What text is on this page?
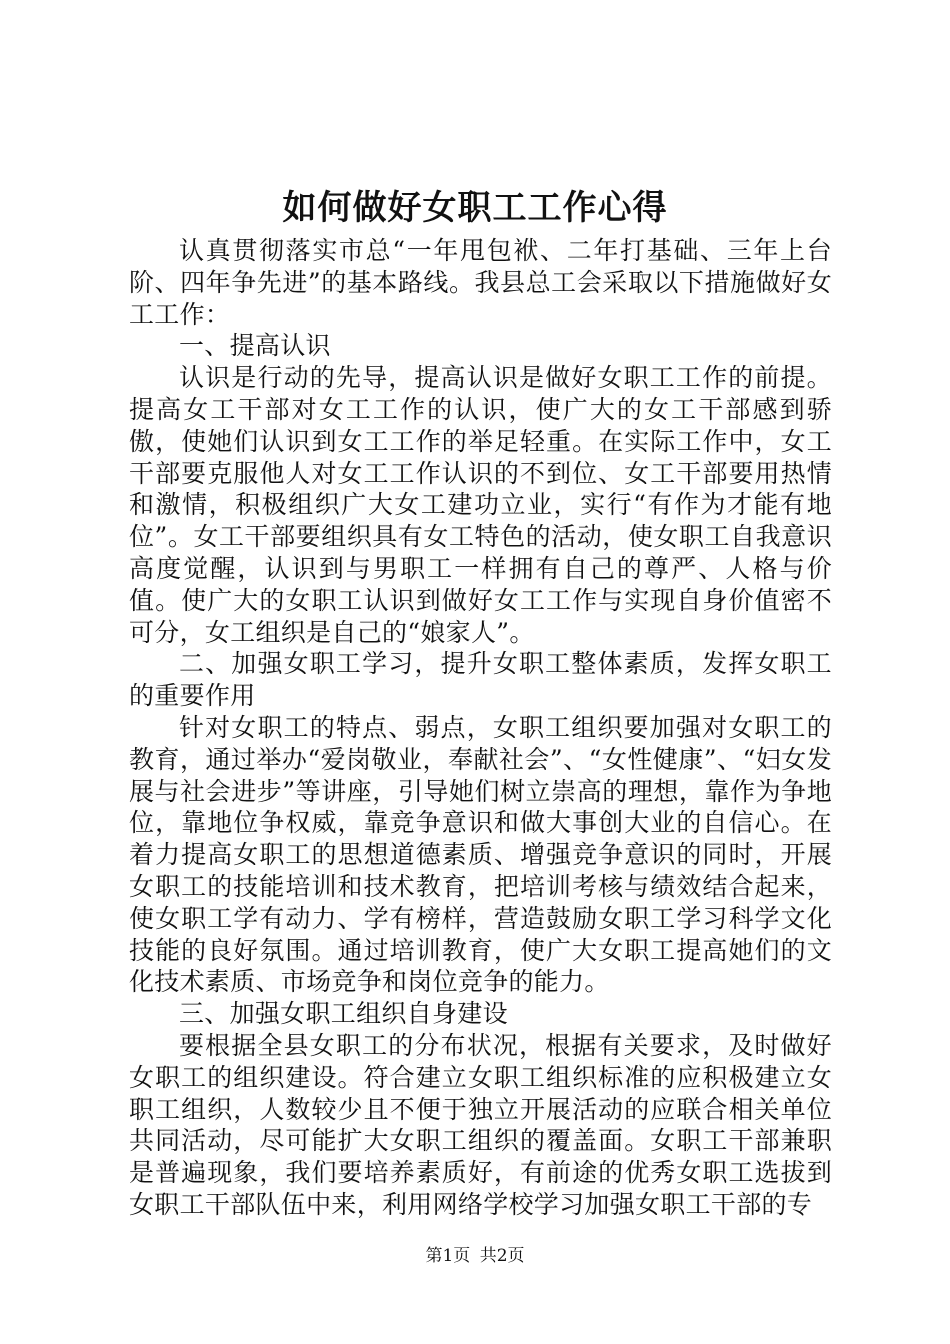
如何做好女职工工作心得

认真贯彻落实市总“一年甩包袱、二年打基础、三年上台阶、四年争先进”的基本路线。我县总工会采取以下措施做好女工工作：

一、提高认识

认识是行动的先导，提高认识是做好女职工工作的前提。提高女工干部对女工工作的认识，使广大的女工干部感到骄傲，使她们认识到女工工作的举足轻重。在实际工作中，女工干部要克服他人对女工工作认识的不到位、女工干部要用热情和激情，积极组织广大女工建功立业，实行“有作为才能有地位”。女工干部要组织具有女工特色的活动，使女职工自我意识高度觉醒，认识到与男职工一样拥有自己的尊严、人格与价值。使广大的女职工认识到做好女工工作与实现自身价值密不可分，女工组织是自己的“娘家人”。

二、加强女职工学习，提升女职工整体素质，发挥女职工的重要作用

针对女职工的特点、弱点，女职工组织要加强对女职工的教育，通过举办“爱岗敬业，奉献社会”、“女性健康”、“妇女发展与社会进步”等讲座，引导她们树立崇高的理想，靠作为争地位，靠地位争权威，靠竞争意识和做大事创大业的自信心。在着力提高女职工的思想道德素质、增强竞争意识的同时，开展女职工的技能培训和技术教育，把培训考核与绩效结合起来，使女职工学有动力、学有榜样，营造鼓励女职工学习科学文化技能的良好氛围。通过培训教育，使广大女职工提高她们的文化技术素质、市场竞争和岗位竞争的能力。

三、加强女职工组织自身建设

要根据全县女职工的分布状况，根据有关要求，及时做好女职工的组织建设。符合建立女职工组织标准的应积极建立女职工组织，人数较少且不便于独立开展活动的应联合相关单位共同活动，尽可能扩大女职工组织的覆盖面。女职工干部兼职是普遍现象，我们要培养素质好，有前途的优秀女职工选拔到女职工干部队伍中来，利用网络学校学习加强女职工干部的专

第1页 共2页
